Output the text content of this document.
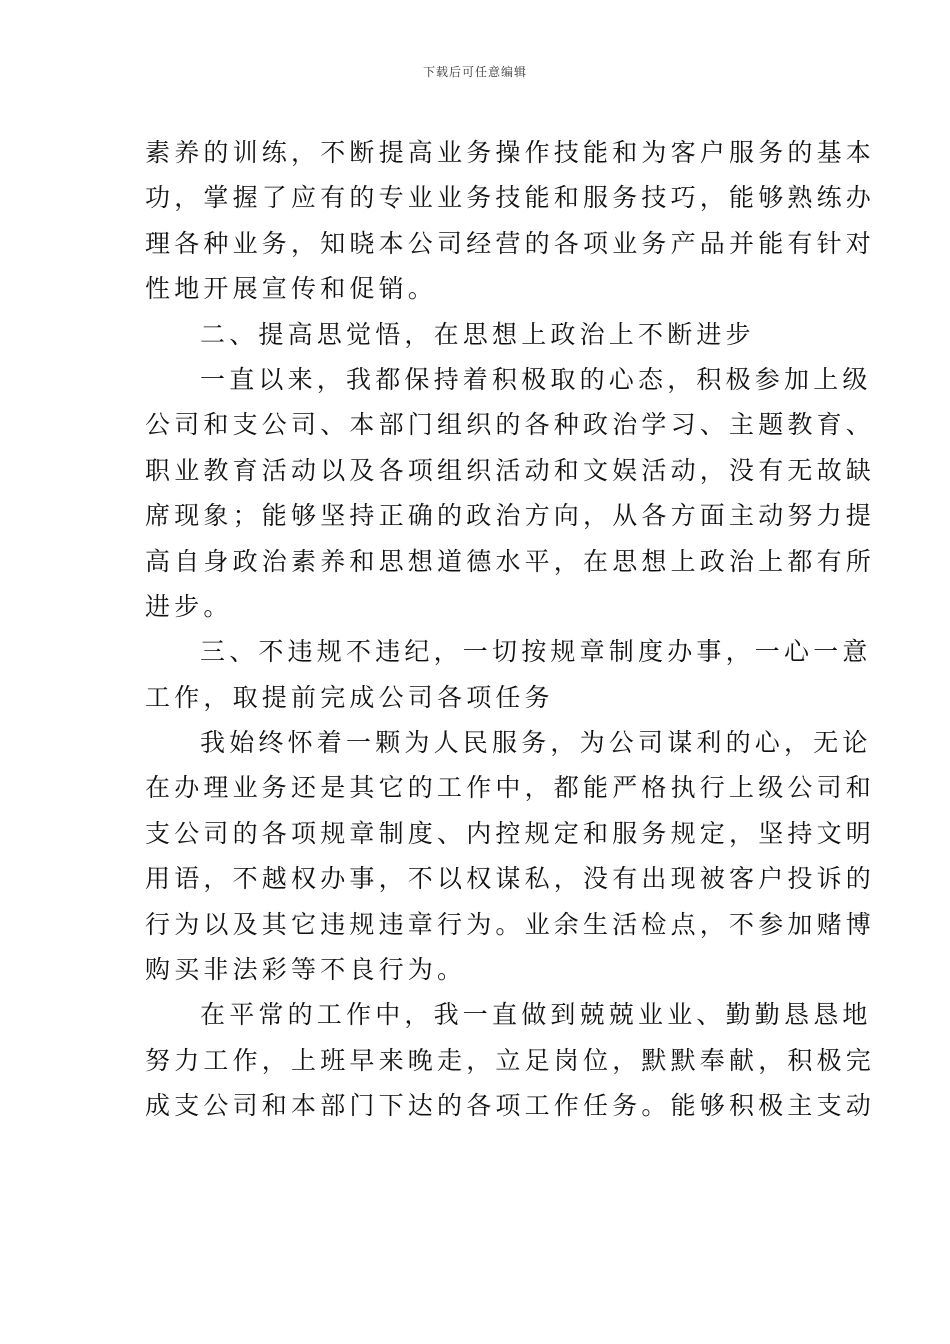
下载后可任意编辑

素养的训练，不断提高业务操作技能和为客户服务的基本
功，掌握了应有的专业业务技能和服务技巧，能够熟练办
理各种业务，知晓本公司经营的各项业务产品并能有针对
性地开展宣传和促销。

二、提高思觉悟，在思想上政治上不断进步

一直以来，我都保持着积极取的心态，积极参加上级
公司和支公司、本部门组织的各种政治学习、主题教育、
职业教育活动以及各项组织活动和文娱活动，没有无故缺
席现象；能够坚持正确的政治方向，从各方面主动努力提
高自身政治素养和思想道德水平，在思想上政治上都有所
进步。

三、不违规不违纪，一切按规章制度办事，一心一意
工作，取提前完成公司各项任务

我始终怀着一颗为人民服务，为公司谋利的心，无论
在办理业务还是其它的工作中，都能严格执行上级公司和
支公司的各项规章制度、内控规定和服务规定，坚持文明
用语，不越权办事，不以权谋私，没有出现被客户投诉的
行为以及其它违规违章行为。业余生活检点，不参加赌博
购买非法彩等不良行为。

在平常的工作中，我一直做到兢兢业业、勤勤恳恳地
努力工作，上班早来晚走，立足岗位，默默奉献，积极完
成支公司和本部门下达的各项工作任务。能够积极主支动
